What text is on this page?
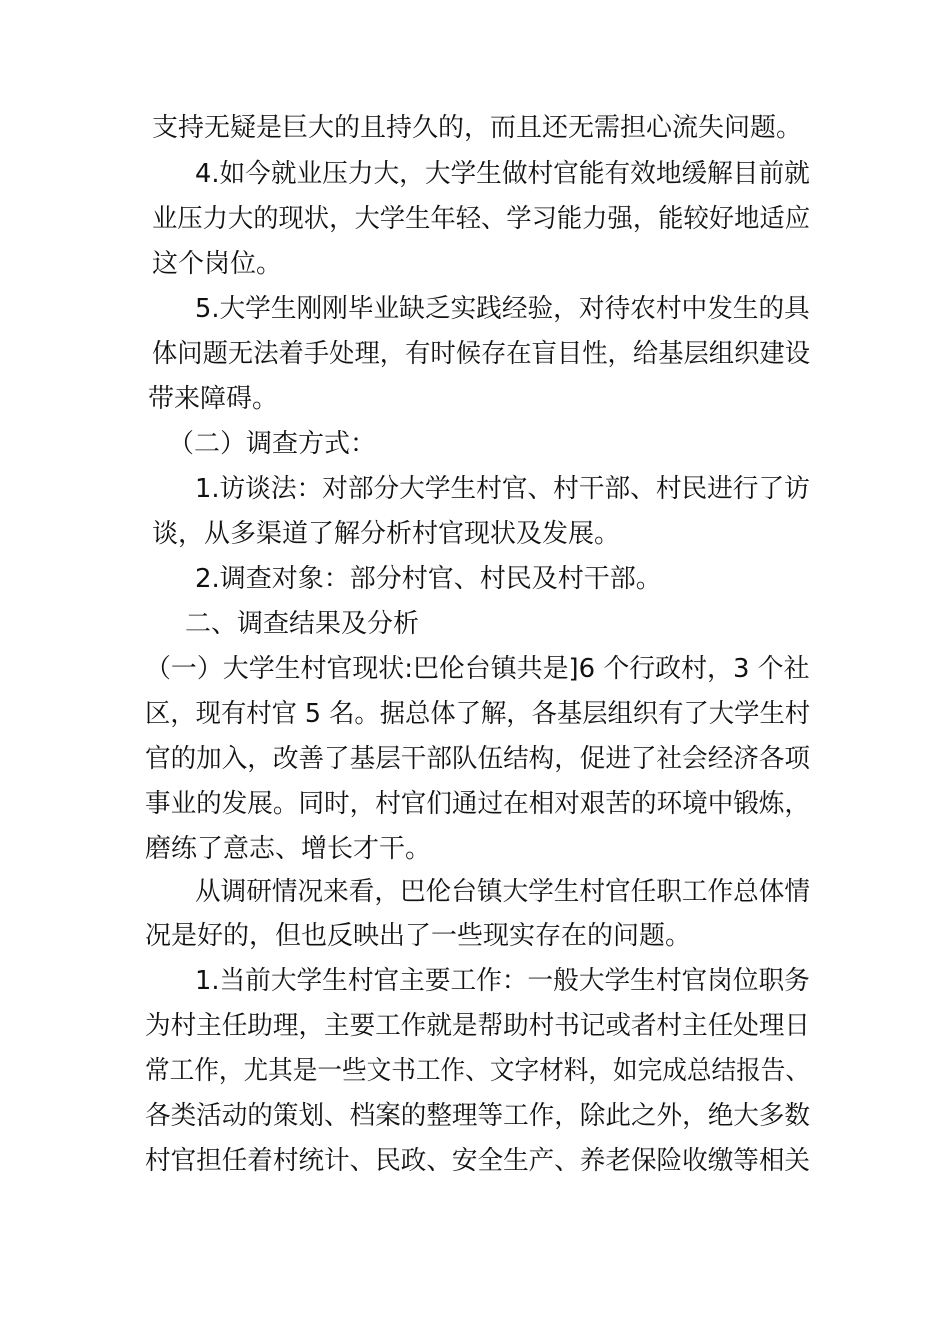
支持无疑是巨大的且持久的，而且还无需担心流失问题。
4.如今就业压力大，大学生做村官能有效地缓解目前就
业压力大的现状，大学生年轻、学习能力强，能较好地适应
这个岗位。
5.大学生刚刚毕业缺乏实践经验，对待农村中发生的具
体问题无法着手处理，有时候存在盲目性，给基层组织建设
带来障碍。
（二）调查方式：
1.访谈法：对部分大学生村官、村干部、村民进行了访
谈，从多渠道了解分析村官现状及发展。
2.调查对象：部分村官、村民及村干部。
二、调查结果及分析
（一）大学生村官现状:巴伦台镇共是]6 个行政村，3 个社
区，现有村官 5 名。据总体了解，各基层组织有了大学生村
官的加入，改善了基层干部队伍结构，促进了社会经济各项
事业的发展。同时，村官们通过在相对艰苦的环境中锻炼，
磨练了意志、增长才干。
从调研情况来看，巴伦台镇大学生村官任职工作总体情
况是好的，但也反映出了一些现实存在的问题。
1.当前大学生村官主要工作：一般大学生村官岗位职务
为村主任助理，主要工作就是帮助村书记或者村主任处理日
常工作，尤其是一些文书工作、文字材料，如完成总结报告、
各类活动的策划、档案的整理等工作，除此之外，绝大多数
村官担任着村统计、民政、安全生产、养老保险收缴等相关
